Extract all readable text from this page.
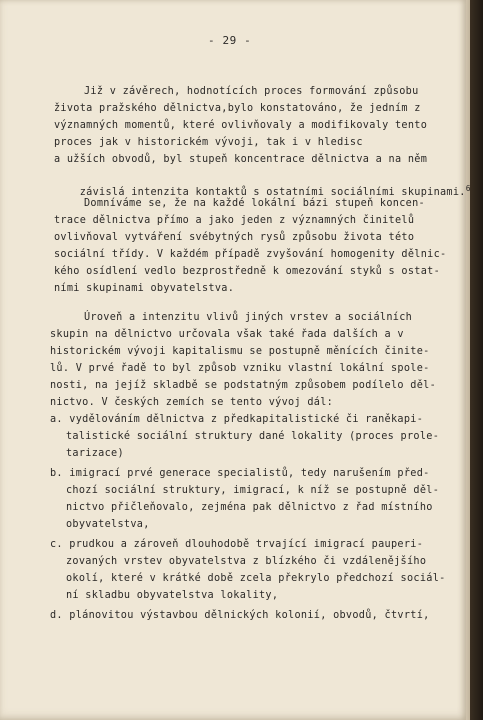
- 29 -
Již v závěrech, hodnotících proces formování způsobu
života pražského dělnictva,bylo konstatováno, že jedním z
významných momentů, které ovlivňovaly a modifikovaly tento
proces jak v historickém vývoji, tak i v hledisc
a užších obvodů, byl stupeň koncentrace dělnictva a na něm

závislá intenzita kontaktů s ostatními sociálními skupinami.$^6$

Domníváme se, že na každé lokální bázi stupeň koncen-
trace dělnictva přímo a jako jeden z významných činitelů
ovlivňoval vytváření svébytných rysů způsobu života této
sociální třídy. V každém případě zvyšování homogenity dělnic-
kého osídlení vedlo bezprostředně k omezování styků s ostat-
ními skupinami obyvatelstva.
Úroveň a intenzitu vlivů jiných vrstev a sociálních
skupin na dělnictvo určovala však také řada dalších a v
historickém vývoji kapitalismu se postupně měnících činite-
lů. V prvé řadě to byl způsob vzniku vlastní lokální spole-
nosti, na jejíž skladbě se podstatným způsobem podílelo děl-
nictvo. V českých zemích se tento vývoj dál:
a. vydělováním dělnictva z předkapitalistické či raněkapi-
talistické sociální struktury dané lokality (proces prole-
tarizace)
b. imigrací prvé generace specialistů, tedy narušením před-
chozí sociální struktury, imigrací, k níž se postupně děl-
nictvo přičleňovalo, zejména pak dělnictvo z řad místního
obyvatelstva,
c. prudkou a zároveň dlouhodobě trvající imigrací pauperi-
zovaných vrstev obyvatelstva z blízkého či vzdálenějšího
okolí, které v krátké době zcela překrylo předchozí sociál-
ní skladbu obyvatelstva lokality,
d. plánovitou výstavbou dělnických kolonií, obvodů, čtvrtí,
